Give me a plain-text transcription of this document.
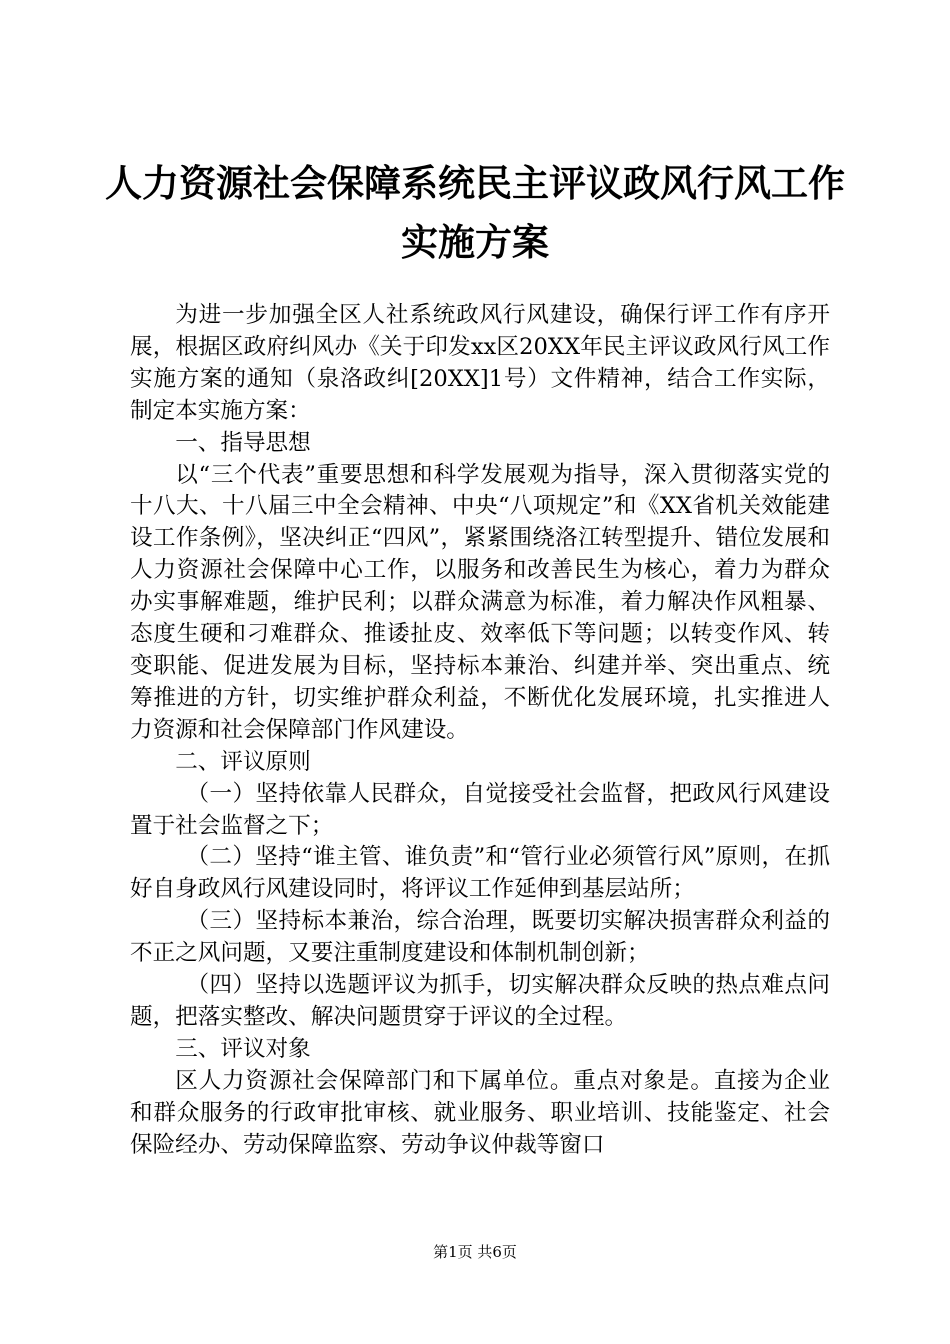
人力资源社会保障系统民主评议政风行风工作
实施方案

为进一步加强全区人社系统政风行风建设，确保行评工作有序开展，根据区政府纠风办《关于印发xx区20XX年民主评议政风行风工作实施方案的通知（泉洛政纠[20XX]1号）文件精神，结合工作实际，制定本实施方案：

一、指导思想

以“三个代表”重要思想和科学发展观为指导，深入贯彻落实党的十八大、十八届三中全会精神、中央“八项规定”和《XX省机关效能建设工作条例》，坚决纠正“四风”，紧紧围绕洛江转型提升、错位发展和人力资源社会保障中心工作，以服务和改善民生为核心，着力为群众办实事解难题，维护民利；以群众满意为标准，着力解决作风粗暴、态度生硬和刁难群众、推诿扯皮、效率低下等问题；以转变作风、转变职能、促进发展为目标，坚持标本兼治、纠建并举、突出重点、统筹推进的方针，切实维护群众利益，不断优化发展环境，扎实推进人力资源和社会保障部门作风建设。

二、评议原则

（一）坚持依靠人民群众，自觉接受社会监督，把政风行风建设置于社会监督之下；

（二）坚持“谁主管、谁负责”和“管行业必须管行风”原则，在抓好自身政风行风建设同时，将评议工作延伸到基层站所；

（三）坚持标本兼治，综合治理，既要切实解决损害群众利益的不正之风问题，又要注重制度建设和体制机制创新；

（四）坚持以选题评议为抓手，切实解决群众反映的热点难点问题，把落实整改、解决问题贯穿于评议的全过程。

三、评议对象

区人力资源社会保障部门和下属单位。重点对象是。直接为企业和群众服务的行政审批审核、就业服务、职业培训、技能鉴定、社会保险经办、劳动保障监察、劳动争议仲裁等窗口

第1页 共6页
